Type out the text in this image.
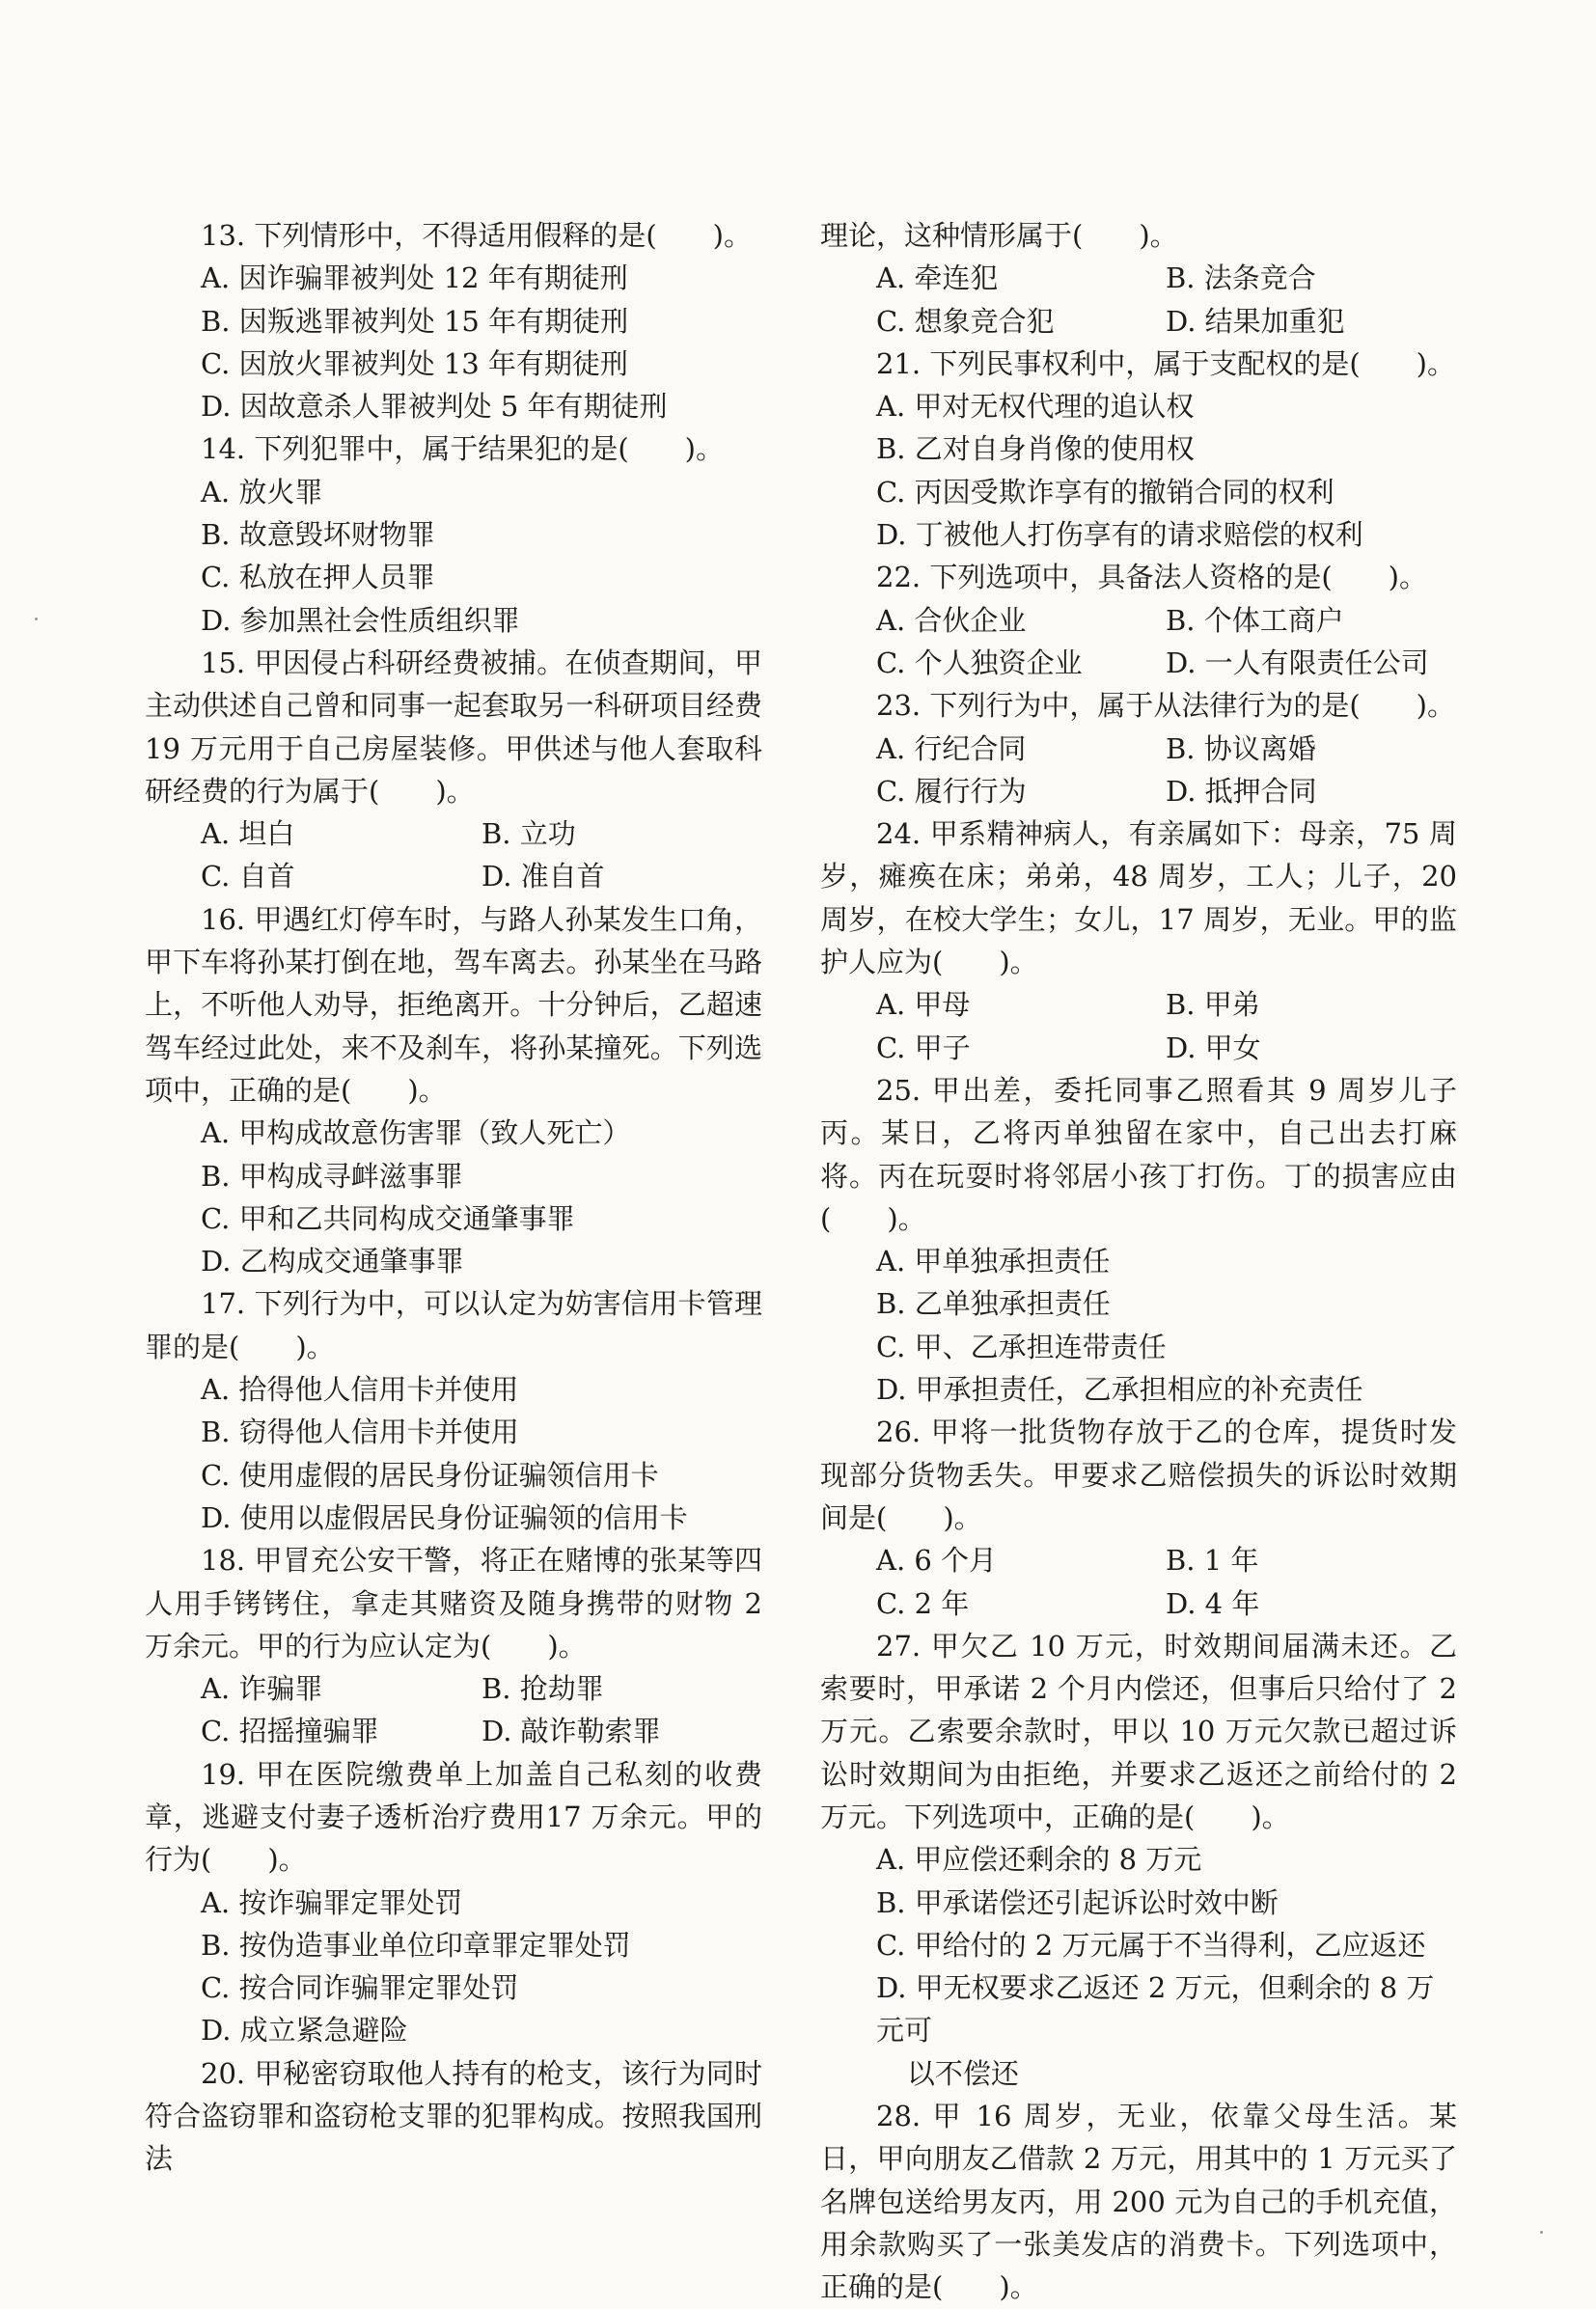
13. 下列情形中，不得适用假释的是(　　)。

A. 因诈骗罪被判处 12 年有期徒刑

B. 因叛逃罪被判处 15 年有期徒刑

C. 因放火罪被判处 13 年有期徒刑

D. 因故意杀人罪被判处 5 年有期徒刑

14. 下列犯罪中，属于结果犯的是(　　)。

A. 放火罪

B. 故意毁坏财物罪

C. 私放在押人员罪

D. 参加黑社会性质组织罪

15. 甲因侵占科研经费被捕。在侦查期间，甲主动供述自己曾和同事一起套取另一科研项目经费 19 万元用于自己房屋装修。甲供述与他人套取科研经费的行为属于(　　)。

A. 坦白	B. 立功
C. 自首	D. 准自首

16. 甲遇红灯停车时，与路人孙某发生口角，甲下车将孙某打倒在地，驾车离去。孙某坐在马路上，不听他人劝导，拒绝离开。十分钟后，乙超速驾车经过此处，来不及刹车，将孙某撞死。下列选项中，正确的是(　　)。

A. 甲构成故意伤害罪（致人死亡）

B. 甲构成寻衅滋事罪

C. 甲和乙共同构成交通肇事罪

D. 乙构成交通肇事罪

17. 下列行为中，可以认定为妨害信用卡管理罪的是(　　)。

A. 拾得他人信用卡并使用

B. 窃得他人信用卡并使用

C. 使用虚假的居民身份证骗领信用卡

D. 使用以虚假居民身份证骗领的信用卡

18. 甲冒充公安干警，将正在赌博的张某等四人用手铐铐住，拿走其赌资及随身携带的财物 2 万余元。甲的行为应认定为(　　)。

A. 诈骗罪	B. 抢劫罪
C. 招摇撞骗罪	D. 敲诈勒索罪

19. 甲在医院缴费单上加盖自己私刻的收费章，逃避支付妻子透析治疗费用17 万余元。甲的行为(　　)。

A. 按诈骗罪定罪处罚

B. 按伪造事业单位印章罪定罪处罚

C. 按合同诈骗罪定罪处罚

D. 成立紧急避险

20. 甲秘密窃取他人持有的枪支，该行为同时符合盗窃罪和盗窃枪支罪的犯罪构成。按照我国刑法

理论，这种情形属于(　　)。

A. 牵连犯	B. 法条竞合
C. 想象竞合犯	D. 结果加重犯

21. 下列民事权利中，属于支配权的是(　　)。

A. 甲对无权代理的追认权

B. 乙对自身肖像的使用权

C. 丙因受欺诈享有的撤销合同的权利

D. 丁被他人打伤享有的请求赔偿的权利

22. 下列选项中，具备法人资格的是(　　)。

A. 合伙企业	B. 个体工商户
C. 个人独资企业	D. 一人有限责任公司

23. 下列行为中，属于从法律行为的是(　　)。

A. 行纪合同	B. 协议离婚
C. 履行行为	D. 抵押合同

24. 甲系精神病人，有亲属如下：母亲，75 周岁，瘫痪在床；弟弟，48 周岁，工人；儿子，20 周岁，在校大学生；女儿，17 周岁，无业。甲的监护人应为(　　)。

A. 甲母	B. 甲弟
C. 甲子	D. 甲女

25. 甲出差，委托同事乙照看其 9 周岁儿子丙。某日，乙将丙单独留在家中，自己出去打麻将。丙在玩耍时将邻居小孩丁打伤。丁的损害应由(　　)。

A. 甲单独承担责任

B. 乙单独承担责任

C. 甲、乙承担连带责任

D. 甲承担责任，乙承担相应的补充责任

26. 甲将一批货物存放于乙的仓库，提货时发现部分货物丢失。甲要求乙赔偿损失的诉讼时效期间是(　　)。

A. 6 个月	B. 1 年
C. 2 年	D. 4 年

27. 甲欠乙 10 万元，时效期间届满未还。乙索要时，甲承诺 2 个月内偿还，但事后只给付了 2 万元。乙索要余款时，甲以 10 万元欠款已超过诉讼时效期间为由拒绝，并要求乙返还之前给付的 2 万元。下列选项中，正确的是(　　)。

A. 甲应偿还剩余的 8 万元

B. 甲承诺偿还引起诉讼时效中断

C. 甲给付的 2 万元属于不当得利，乙应返还

D. 甲无权要求乙返还 2 万元，但剩余的 8 万元可

以不偿还

28. 甲 16 周岁，无业，依靠父母生活。某日，甲向朋友乙借款 2 万元，用其中的 1 万元买了名牌包送给男友丙，用 200 元为自己的手机充值，用余款购买了一张美发店的消费卡。下列选项中，正确的是(　　)。
